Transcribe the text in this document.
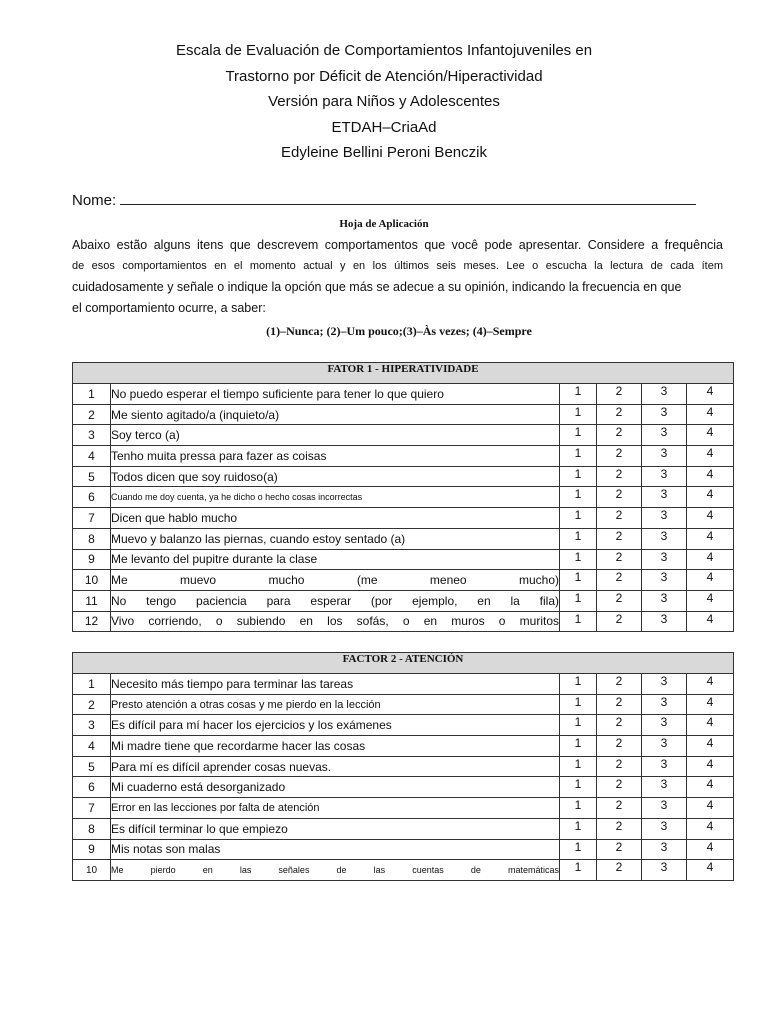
Escala de Evaluación de Comportamientos Infantojuveniles en
Trastorno por Déficit de Atención/Hiperactividad
Versión para Niños y Adolescentes
ETDAH–CriaAd
Edyleine Bellini Peroni Benczik
Nome:
Hoja de Aplicación
Abaixo estão alguns itens que descrevem comportamentos que você pode apresentar. Considere a frequência
de esos comportamientos en el momento actual y en los últimos seis meses. Lee o escucha la lectura de cada ítem
cuidadosamente y señale o indique la opción que más se adecue a su opinión, indicando la frecuencia en que
el comportamiento ocurre, a saber:
(1)–Nunca; (2)–Um pouco;(3)–Às vezes; (4)–Sempre
FATOR 1 - HIPERATIVIDADE					
1	No puedo esperar el tiempo suficiente para tener lo que quiero	1	2	3	4
2	Me siento agitado/a (inquieto/a)	1	2	3	4
3	Soy terco (a)	1	2	3	4
4	Tenho muita pressa para fazer as coisas	1	2	3	4
5	Todos dicen que soy ruidoso(a)	1	2	3	4
6	Cuando me doy cuenta, ya he dicho o hecho cosas incorrectas	1	2	3	4
7	Dicen que hablo mucho	1	2	3	4
8	Muevo y balanzo las piernas, cuando estoy sentado (a)	1	2	3	4
9	Me levanto del pupitre durante la clase	1	2	3	4
10	Me muevo mucho (me meneo mucho)	1	2	3	4
11	No tengo paciencia para esperar (por ejemplo, en la fila)	1	2	3	4
12	Vivo corriendo, o subiendo en los sofás, o en muros o muritos	1	2	3	4
FACTOR 2 - ATENCIÓN					
1	Necesito más tiempo para terminar las tareas	1	2	3	4
2	Presto atención a otras cosas y me pierdo en la lección	1	2	3	4
3	Es difícil para mí hacer los ejercicios y los exámenes	1	2	3	4
4	Mi madre tiene que recordarme hacer las cosas	1	2	3	4
5	Para mí es difícil aprender cosas nuevas.	1	2	3	4
6	Mi cuaderno está desorganizado	1	2	3	4
7	Error en las lecciones por falta de atención	1	2	3	4
8	Es difícil terminar lo que empiezo	1	2	3	4
9	Mis notas son malas	1	2	3	4
10	Me pierdo en las señales de las cuentas de matemáticas	1	2	3	4
